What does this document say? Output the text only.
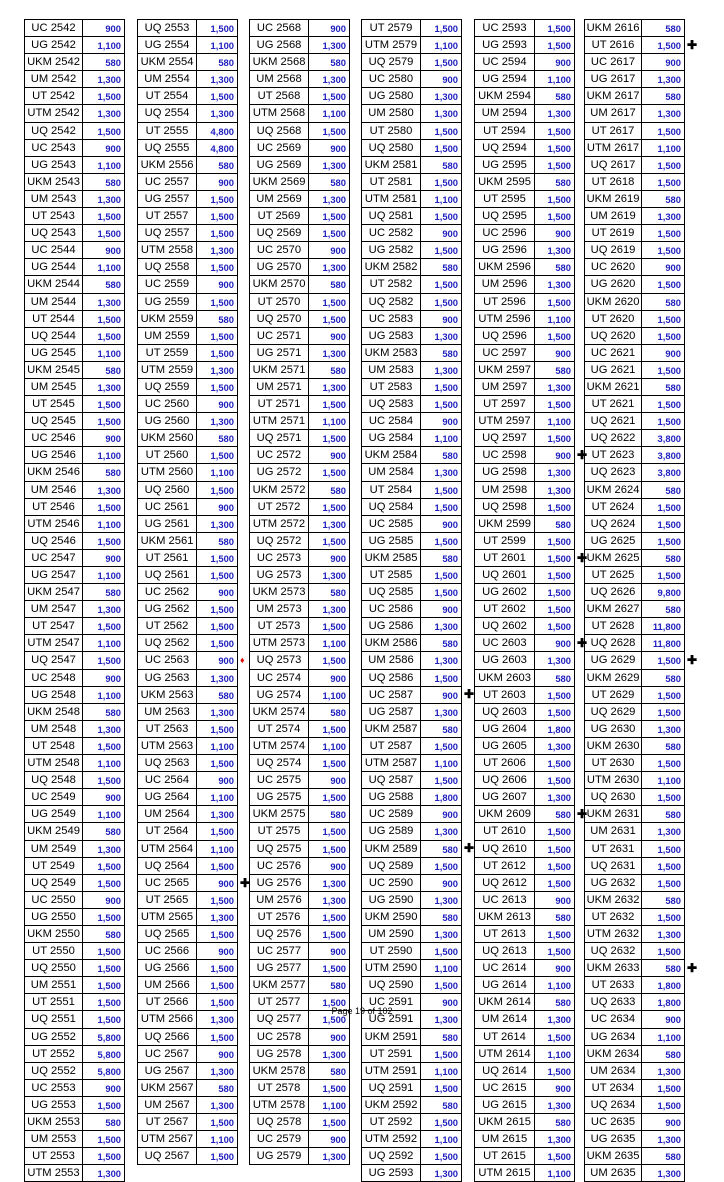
UC 2542	900
UG 2542	1,100
UKM 2542	580
UM 2542	1,300
UT 2542	1,500
UTM 2542	1,300
UQ 2542	1,500
UC 2543	900
UG 2543	1,100
UKM 2543	580
UM 2543	1,300
UT 2543	1,500
UQ 2543	1,500
UC 2544	900
UG 2544	1,100
UKM 2544	580
UM 2544	1,300
UT 2544	1,500
UQ 2544	1,500
UG 2545	1,100
UKM 2545	580
UM 2545	1,300
UT 2545	1,500
UQ 2545	1,500
UC 2546	900
UG 2546	1,100
UKM 2546	580
UM 2546	1,300
UT 2546	1,500
UTM 2546	1,100
UQ 2546	1,500
UC 2547	900
UG 2547	1,100
UKM 2547	580
UM 2547	1,300
UT 2547	1,500
UTM 2547	1,100
UQ 2547	1,500
UC 2548	900
UG 2548	1,100
UKM 2548	580
UM 2548	1,300
UT 2548	1,500
UTM 2548	1,100
UQ 2548	1,500
UC 2549	900
UG 2549	1,100
UKM 2549	580
UM 2549	1,300
UT 2549	1,500
UQ 2549	1,500
UC 2550	900
UG 2550	1,500
UKM 2550	580
UT 2550	1,500
UQ 2550	1,500
UM 2551	1,500
UT 2551	1,500
UQ 2551	1,500
UG 2552	5,800
UT 2552	5,800
UQ 2552	5,800
UC 2553	900
UG 2553	1,500
UKM 2553	580
UM 2553	1,500
UT 2553	1,500
UTM 2553	1,300
UQ 2553	1,500
UG 2554	1,100
UKM 2554	580
UM 2554	1,300
UT 2554	1,500
UQ 2554	1,300
UT 2555	4,800
UQ 2555	4,800
UKM 2556	580
UC 2557	900
UG 2557	1,500
UT 2557	1,500
UQ 2557	1,500
UTM 2558	1,300
UQ 2558	1,500
UC 2559	900
UG 2559	1,500
UKM 2559	580
UM 2559	1,500
UT 2559	1,500
UTM 2559	1,300
UQ 2559	1,500
UC 2560	900
UG 2560	1,300
UKM 2560	580
UT 2560	1,500
UTM 2560	1,100
UQ 2560	1,500
UC 2561	900
UG 2561	1,300
UKM 2561	580
UT 2561	1,500
UQ 2561	1,500
UC 2562	900
UG 2562	1,500
UT 2562	1,500
UQ 2562	1,500
UC 2563	900
UG 2563	1,300
UKM 2563	580
UM 2563	1,300
UT 2563	1,500
UTM 2563	1,100
UQ 2563	1,500
UC 2564	900
UG 2564	1,100
UM 2564	1,300
UT 2564	1,500
UTM 2564	1,100
UQ 2564	1,500
UC 2565	900
UT 2565	1,500
UTM 2565	1,300
UQ 2565	1,500
UC 2566	900
UG 2566	1,500
UM 2566	1,500
UT 2566	1,500
UTM 2566	1,300
UQ 2566	1,500
UC 2567	900
UG 2567	1,300
UKM 2567	580
UM 2567	1,300
UT 2567	1,500
UTM 2567	1,100
UQ 2567	1,500
UC 2568	900
UG 2568	1,300
UKM 2568	580
UM 2568	1,300
UT 2568	1,500
UTM 2568	1,100
UQ 2568	1,500
UC 2569	900
UG 2569	1,300
UKM 2569	580
UM 2569	1,300
UT 2569	1,500
UQ 2569	1,500
UC 2570	900
UG 2570	1,300
UKM 2570	580
UT 2570	1,500
UQ 2570	1,500
UC 2571	900
UG 2571	1,300
UKM 2571	580
UM 2571	1,300
UT 2571	1,500
UTM 2571	1,100
UQ 2571	1,500
UC 2572	900
UG 2572	1,500
UKM 2572	580
UT 2572	1,500
UTM 2572	1,300
UQ 2572	1,500
UC 2573	900
UG 2573	1,300
UKM 2573	580
UM 2573	1,300
UT 2573	1,500
UTM 2573	1,100
UQ 2573	1,500
UC 2574	900
UG 2574	1,100
UKM 2574	580
UT 2574	1,500
UTM 2574	1,100
UQ 2574	1,500
UC 2575	900
UG 2575	1,500
UKM 2575	580
UT 2575	1,500
UQ 2575	1,500
UC 2576	900
UG 2576	1,300
UM 2576	1,300
UT 2576	1,500
UQ 2576	1,500
UC 2577	900
UG 2577	1,500
UKM 2577	580
UT 2577	1,500
UQ 2577	1,500
UC 2578	900
UG 2578	1,300
UKM 2578	580
UT 2578	1,500
UTM 2578	1,100
UQ 2578	1,500
UC 2579	900
UG 2579	1,300
UT 2579	1,500
UTM 2579	1,100
UQ 2579	1,500
UC 2580	900
UG 2580	1,300
UM 2580	1,300
UT 2580	1,500
UQ 2580	1,500
UKM 2581	580
UT 2581	1,500
UTM 2581	1,100
UQ 2581	1,500
UC 2582	900
UG 2582	1,500
UKM 2582	580
UT 2582	1,500
UQ 2582	1,500
UC 2583	900
UG 2583	1,300
UKM 2583	580
UM 2583	1,300
UT 2583	1,500
UQ 2583	1,500
UC 2584	900
UG 2584	1,100
UKM 2584	580
UM 2584	1,300
UT 2584	1,500
UQ 2584	1,500
UC 2585	900
UG 2585	1,500
UKM 2585	580
UT 2585	1,500
UQ 2585	1,500
UC 2586	900
UG 2586	1,300
UKM 2586	580
UM 2586	1,300
UQ 2586	1,500
UC 2587	900
UG 2587	1,300
UKM 2587	580
UT 2587	1,500
UTM 2587	1,100
UQ 2587	1,500
UG 2588	1,800
UC 2589	900
UG 2589	1,300
UKM 2589	580
UQ 2589	1,500
UC 2590	900
UG 2590	1,300
UKM 2590	580
UM 2590	1,300
UT 2590	1,500
UTM 2590	1,100
UQ 2590	1,500
UC 2591	900
UG 2591	1,300
UKM 2591	580
UT 2591	1,500
UTM 2591	1,100
UQ 2591	1,500
UKM 2592	580
UT 2592	1,500
UTM 2592	1,100
UQ 2592	1,500
UG 2593	1,300
UC 2593	1,500
UG 2593	1,500
UC 2594	900
UG 2594	1,100
UKM 2594	580
UM 2594	1,300
UT 2594	1,500
UQ 2594	1,500
UG 2595	1,500
UKM 2595	580
UT 2595	1,500
UQ 2595	1,500
UC 2596	900
UG 2596	1,300
UKM 2596	580
UM 2596	1,300
UT 2596	1,500
UTM 2596	1,100
UQ 2596	1,500
UC 2597	900
UKM 2597	580
UM 2597	1,300
UT 2597	1,500
UTM 2597	1,100
UQ 2597	1,500
UC 2598	900
UG 2598	1,300
UM 2598	1,300
UQ 2598	1,500
UKM 2599	580
UT 2599	1,500
UT 2601	1,500
UQ 2601	1,500
UG 2602	1,500
UT 2602	1,500
UQ 2602	1,500
UC 2603	900
UG 2603	1,300
UKM 2603	580
UT 2603	1,500
UQ 2603	1,500
UG 2604	1,800
UG 2605	1,300
UT 2606	1,500
UQ 2606	1,500
UG 2607	1,300
UKM 2609	580
UT 2610	1,500
UQ 2610	1,500
UT 2612	1,500
UQ 2612	1,500
UC 2613	900
UKM 2613	580
UT 2613	1,500
UQ 2613	1,500
UC 2614	900
UG 2614	1,100
UKM 2614	580
UM 2614	1,300
UT 2614	1,500
UTM 2614	1,100
UQ 2614	1,500
UC 2615	900
UG 2615	1,300
UKM 2615	580
UM 2615	1,300
UT 2615	1,500
UTM 2615	1,100
UKM 2616	580
UT 2616	1,500
UC 2617	900
UG 2617	1,300
UKM 2617	580
UM 2617	1,300
UT 2617	1,500
UTM 2617	1,100
UQ 2617	1,500
UT 2618	1,500
UKM 2619	580
UM 2619	1,300
UT 2619	1,500
UQ 2619	1,500
UC 2620	900
UG 2620	1,500
UKM 2620	580
UT 2620	1,500
UQ 2620	1,500
UC 2621	900
UG 2621	1,500
UKM 2621	580
UT 2621	1,500
UQ 2621	1,500
UQ 2622	3,800
UT 2623	3,800
UQ 2623	3,800
UKM 2624	580
UT 2624	1,500
UQ 2624	1,500
UG 2625	1,500
UKM 2625	580
UT 2625	1,500
UQ 2626	9,800
UKM 2627	580
UT 2628	11,800
UQ 2628	11,800
UG 2629	1,500
UKM 2629	580
UT 2629	1,500
UQ 2629	1,500
UG 2630	1,300
UKM 2630	580
UT 2630	1,500
UTM 2630	1,100
UQ 2630	1,500
UKM 2631	580
UM 2631	1,300
UT 2631	1,500
UQ 2631	1,500
UG 2632	1,500
UKM 2632	580
UT 2632	1,500
UTM 2632	1,300
UQ 2632	1,500
UKM 2633	580
UT 2633	1,800
UQ 2633	1,800
UC 2634	900
UG 2634	1,100
UKM 2634	580
UM 2634	1,300
UT 2634	1,500
UQ 2634	1,500
UC 2635	900
UG 2635	1,300
UKM 2635	580
UM 2635	1,300
♦
✚
✚
✚
✚
✚
✚
✚
✚
✚
✚
Page 19 of 102
